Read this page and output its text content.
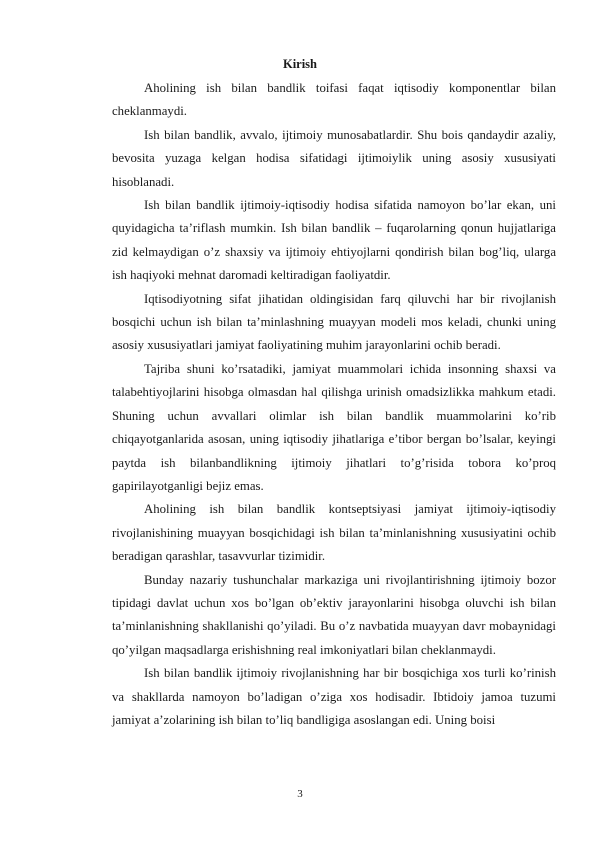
Kirish

Aholining ish bilan bandlik toifasi faqat iqtisodiy komponentlar bilan cheklanmaydi.

Ish bilan bandlik, avvalo, ijtimoiy munosabatlardir. Shu bois qandaydir azaliy, bevosita yuzaga kelgan hodisa sifatidagi ijtimoiylik uning asosiy xususiyati hisoblanadi.

Ish bilan bandlik ijtimoiy-iqtisodiy hodisa sifatida namoyon bo’lar ekan, uni quyidagicha ta’riflash mumkin. Ish bilan bandlik – fuqarolarning qonun hujjatlariga zid kelmaydigan o’z shaxsiy va ijtimoiy ehtiyojlarni qondirish bilan bog’liq, ularga ish haqiyoki mehnat daromadi keltiradigan faoliyatdir.

Iqtisodiyotning sifat jihatidan oldingisidan farq qiluvchi har bir rivojlanish bosqichi uchun ish bilan ta’minlashning muayyan modeli mos keladi, chunki uning asosiy xususiyatlari jamiyat faoliyatining muhim jarayonlarini ochib beradi.

Tajriba shuni ko’rsatadiki, jamiyat muammolari ichida insonning shaxsi va talabehtiyojlarini hisobga olmasdan hal qilishga urinish omadsizlikka mahkum etadi. Shuning uchun avvallari olimlar ish bilan bandlik muammolarini ko’rib chiqayotganlarida asosan, uning iqtisodiy jihatlariga e’tibor bergan bo’lsalar, keyingi paytda ish bilanbandlikning ijtimoiy jihatlari to’g’risida tobora ko’proq gapirilayotganligi bejiz emas.

Aholining ish bilan bandlik kontseptsiyasi jamiyat ijtimoiy-iqtisodiy rivojlanishining muayyan bosqichidagi ish bilan ta’minlanishning xususiyatini ochib beradigan qarashlar, tasavvurlar tizimidir.

Bunday nazariy tushunchalar markaziga uni rivojlantirishning ijtimoiy bozor tipidagi davlat uchun xos bo’lgan ob’ektiv jarayonlarini hisobga oluvchi ish bilan ta’minlanishning shakllanishi qo’yiladi. Bu o’z navbatida muayyan davr mobaynidagi qo’yilgan maqsadlarga erishishning real imkoniyatlari bilan cheklanmaydi.

Ish bilan bandlik ijtimoiy rivojlanishning har bir bosqichiga xos turli ko’rinish va shakllarda namoyon bo’ladigan o’ziga xos hodisadir. Ibtidoiy jamoa tuzumi jamiyat a’zolarining ish bilan to’liq bandligiga asoslangan edi. Uning boisi

3
